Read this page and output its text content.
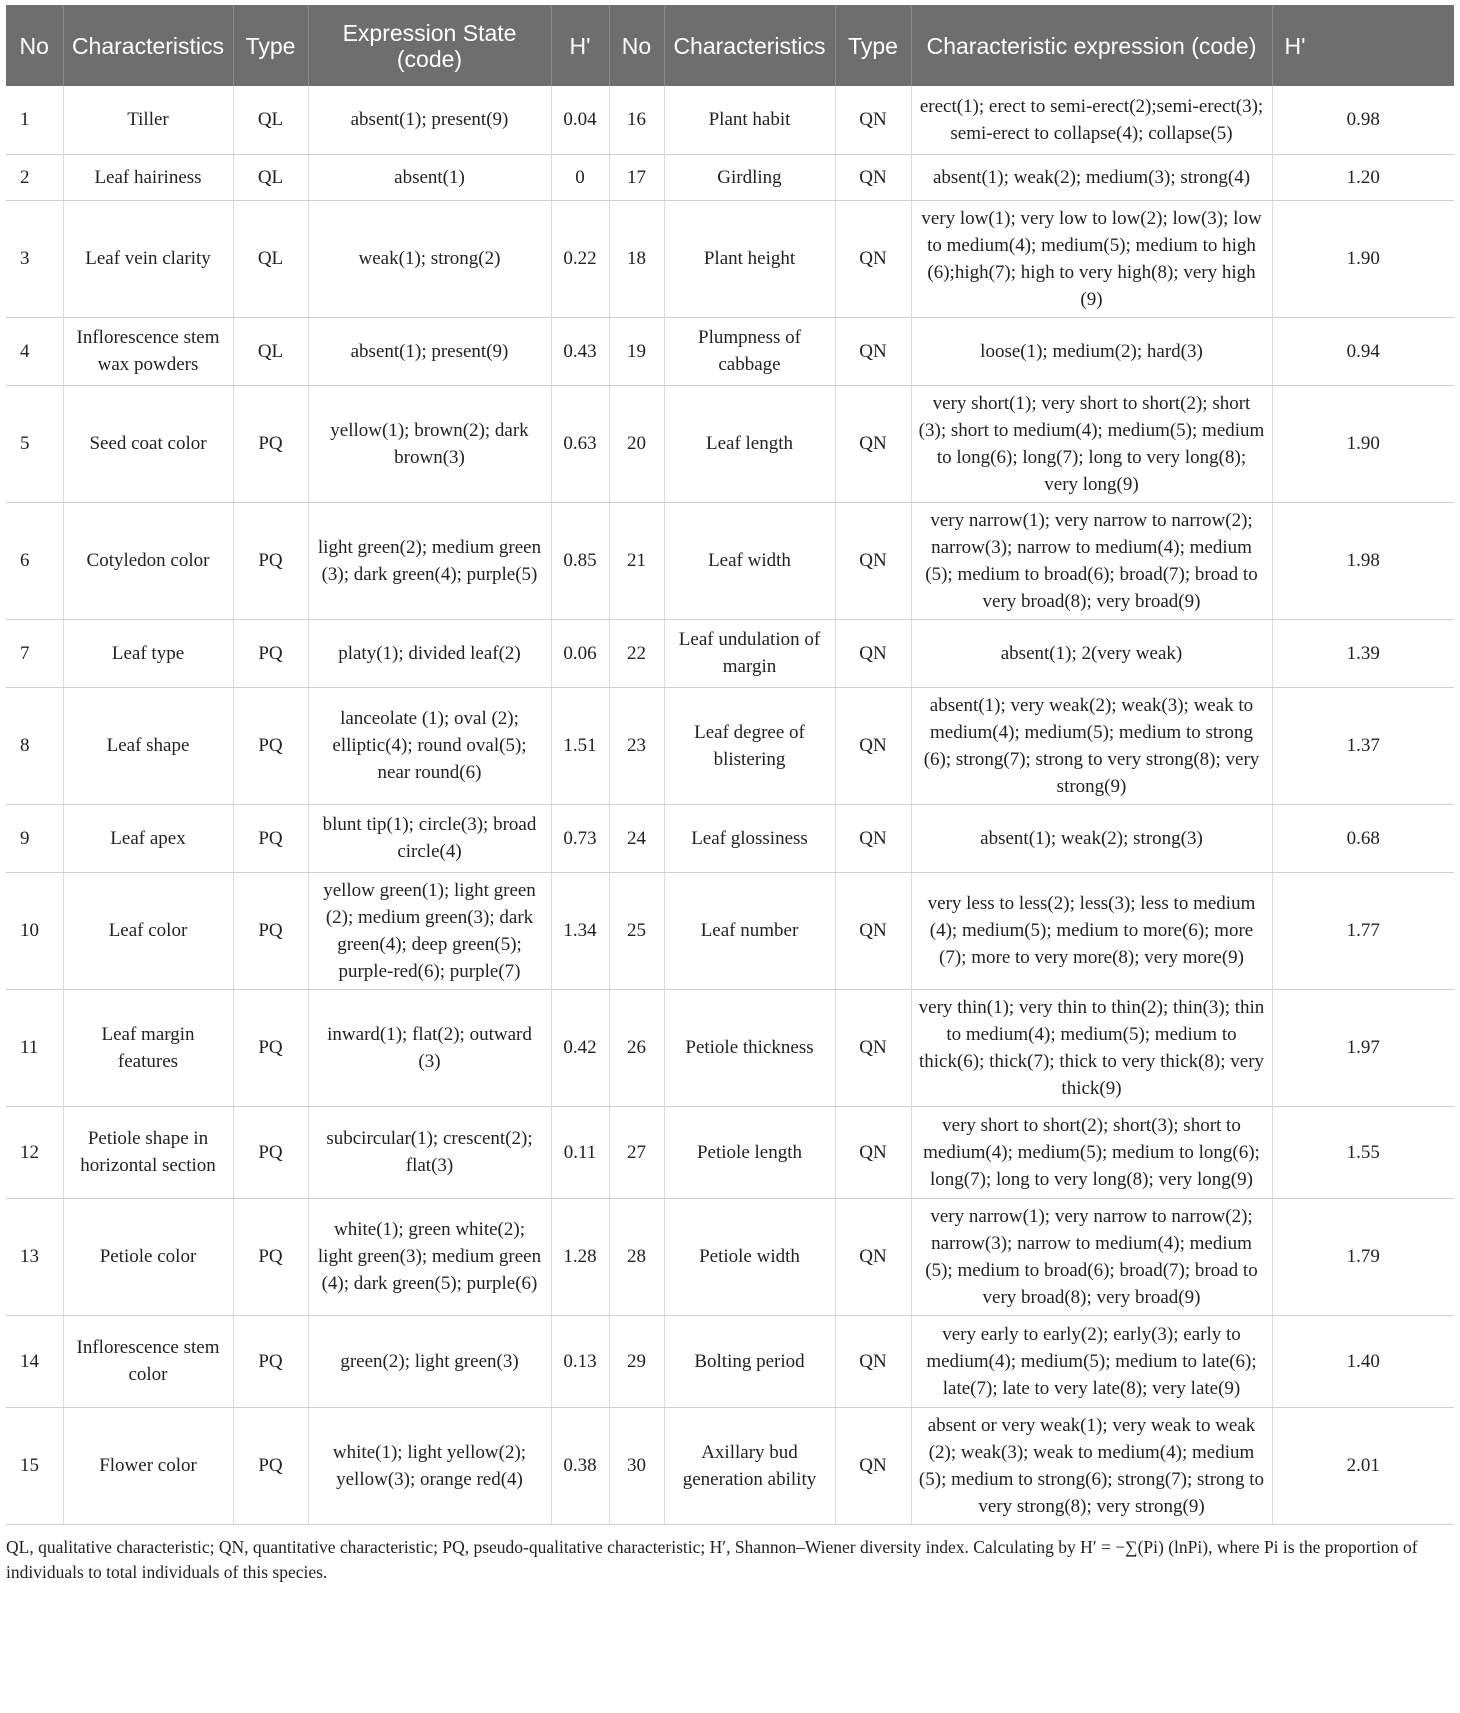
No	Characteristics	Type	Expression State (code)	H'	No	Characteristics	Type	Characteristic expression (code)	H'
1	Tiller	QL	absent(1); present(9)	0.04	16	Plant habit	QN	erect(1); erect to semi-erect(2);semi-erect(3); semi-erect to collapse(4); collapse(5)	0.98
2	Leaf hairiness	QL	absent(1)	0	17	Girdling	QN	absent(1); weak(2); medium(3); strong(4)	1.20
3	Leaf vein clarity	QL	weak(1); strong(2)	0.22	18	Plant height	QN	very low(1); very low to low(2); low(3); low to medium(4); medium(5); medium to high (6);high(7); high to very high(8); very high (9)	1.90
4	Inflorescence stem wax powders	QL	absent(1); present(9)	0.43	19	Plumpness of cabbage	QN	loose(1); medium(2); hard(3)	0.94
5	Seed coat color	PQ	yellow(1); brown(2); dark brown(3)	0.63	20	Leaf length	QN	very short(1); very short to short(2); short (3); short to medium(4); medium(5); medium to long(6); long(7); long to very long(8); very long(9)	1.90
6	Cotyledon color	PQ	light green(2); medium green (3); dark green(4); purple(5)	0.85	21	Leaf width	QN	very narrow(1); very narrow to narrow(2); narrow(3); narrow to medium(4); medium (5); medium to broad(6); broad(7); broad to very broad(8); very broad(9)	1.98
7	Leaf type	PQ	platy(1); divided leaf(2)	0.06	22	Leaf undulation of margin	QN	absent(1); 2(very weak)	1.39
8	Leaf shape	PQ	lanceolate (1); oval (2); elliptic(4); round oval(5); near round(6)	1.51	23	Leaf degree of blistering	QN	absent(1); very weak(2); weak(3); weak to medium(4); medium(5); medium to strong (6); strong(7); strong to very strong(8); very strong(9)	1.37
9	Leaf apex	PQ	blunt tip(1); circle(3); broad circle(4)	0.73	24	Leaf glossiness	QN	absent(1); weak(2); strong(3)	0.68
10	Leaf color	PQ	yellow green(1); light green (2); medium green(3); dark green(4); deep green(5); purple-red(6); purple(7)	1.34	25	Leaf number	QN	very less to less(2); less(3); less to medium (4); medium(5); medium to more(6); more (7); more to very more(8); very more(9)	1.77
11	Leaf margin features	PQ	inward(1); flat(2); outward (3)	0.42	26	Petiole thickness	QN	very thin(1); very thin to thin(2); thin(3); thin to medium(4); medium(5); medium to thick(6); thick(7); thick to very thick(8); very thick(9)	1.97
12	Petiole shape in horizontal section	PQ	subcircular(1); crescent(2); flat(3)	0.11	27	Petiole length	QN	very short to short(2); short(3); short to medium(4); medium(5); medium to long(6); long(7); long to very long(8); very long(9)	1.55
13	Petiole color	PQ	white(1); green white(2); light green(3); medium green (4); dark green(5); purple(6)	1.28	28	Petiole width	QN	very narrow(1); very narrow to narrow(2); narrow(3); narrow to medium(4); medium (5); medium to broad(6); broad(7); broad to very broad(8); very broad(9)	1.79
14	Inflorescence stem color	PQ	green(2); light green(3)	0.13	29	Bolting period	QN	very early to early(2); early(3); early to medium(4); medium(5); medium to late(6); late(7); late to very late(8); very late(9)	1.40
15	Flower color	PQ	white(1); light yellow(2); yellow(3); orange red(4)	0.38	30	Axillary bud generation ability	QN	absent or very weak(1); very weak to weak (2); weak(3); weak to medium(4); medium (5); medium to strong(6); strong(7); strong to very strong(8); very strong(9)	2.01
QL, qualitative characteristic; QN, quantitative characteristic; PQ, pseudo-qualitative characteristic; H′, Shannon–Wiener diversity index. Calculating by H′ = −∑(Pi) (lnPi), where Pi is the proportion of individuals to total individuals of this species.
